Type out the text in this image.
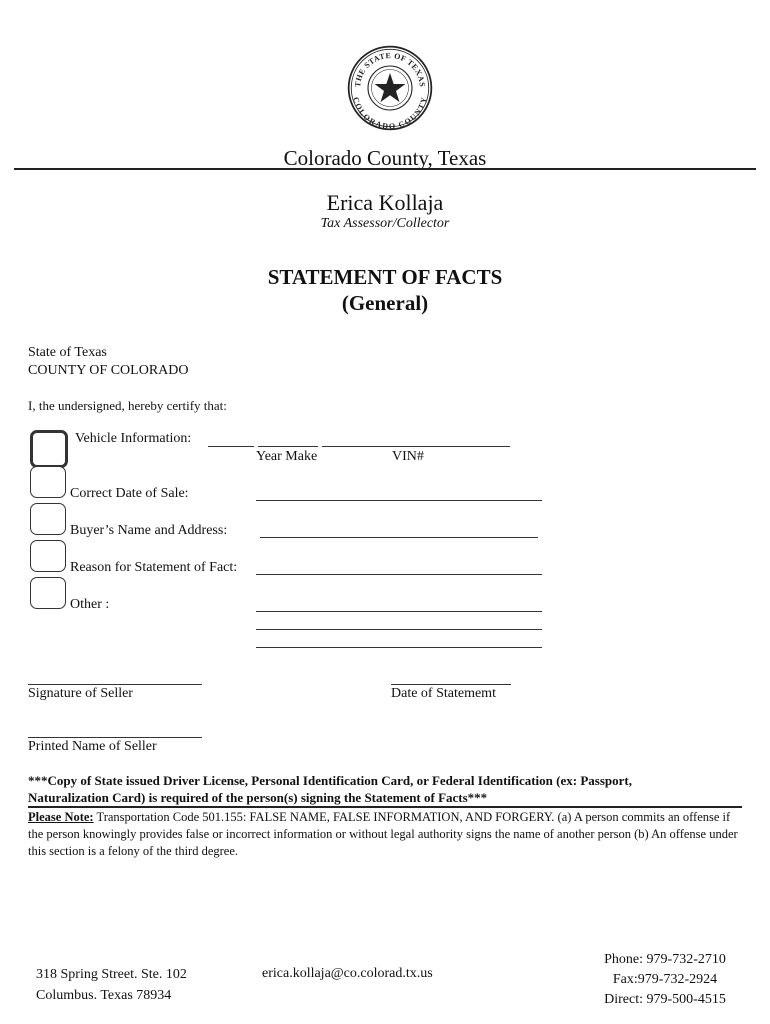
THE STATE OF TEXAS
COLORADO COUNTY
Colorado County, Texas
Erica Kollaja
Tax Assessor/Collector
STATEMENT OF FACTS
(General)
State of Texas
COUNTY OF COLORADO
I, the undersigned, hereby certify that:
Vehicle Information:
Year Make	VIN#
Correct Date of Sale:
Buyer’s Name and Address:
Reason for Statement of Fact:
Other :
Signature of Seller	Date of Statememt
Printed Name of Seller
***Copy of State issued Driver License, Personal Identification Card, or Federal Identification (ex: Passport, Naturalization Card) is required of the person(s) signing the Statement of Facts***
Please Note: Transportation Code 501.155: FALSE NAME, FALSE INFORMATION, AND FORGERY. (a) A person commits an offense if the person knowingly provides false or incorrect information or without legal authority signs the name of another person (b) An offense under this section is a felony of the third degree.
318 Spring Street. Ste. 102
Columbus. Texas 78934
erica.kollaja@co.colorad.tx.us
Phone: 979-732-2710
Fax:979-732-2924
Direct: 979-500-4515
